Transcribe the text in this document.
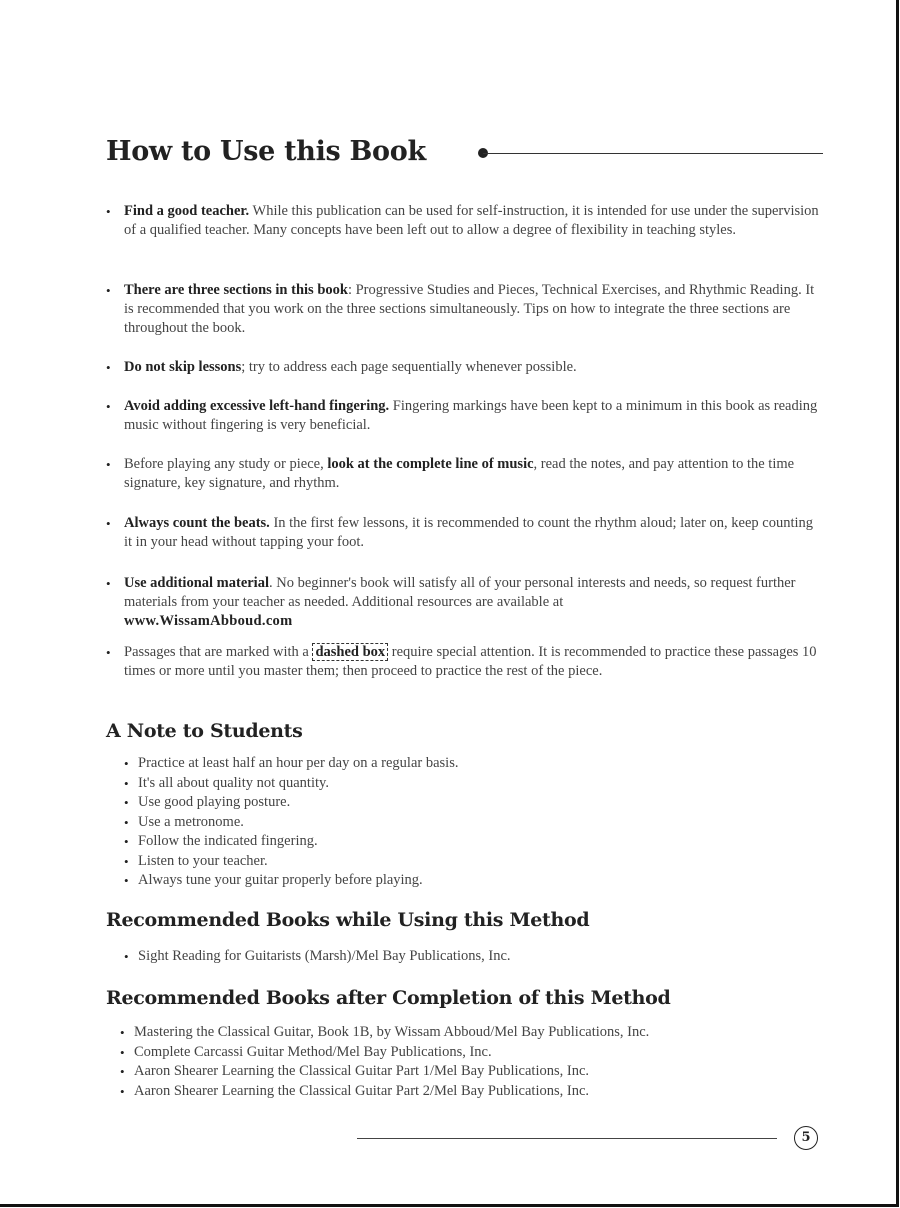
How to Use this Book
• Find a good teacher. While this publication can be used for self-instruction, it is intended for use under the supervision of a qualified teacher. Many concepts have been left out to allow a degree of flexibility in teaching styles.
• There are three sections in this book: Progressive Studies and Pieces, Technical Exercises, and Rhythmic Reading. It is recommended that you work on the three sections simultaneously. Tips on how to integrate the three sections are throughout the book.
• Do not skip lessons; try to address each page sequentially whenever possible.
• Avoid adding excessive left-hand fingering. Fingering markings have been kept to a minimum in this book as reading music without fingering is very beneficial.
• Before playing any study or piece, look at the complete line of music, read the notes, and pay attention to the time signature, key signature, and rhythm.
• Always count the beats. In the first few lessons, it is recommended to count the rhythm aloud; later on, keep counting it in your head without tapping your foot.
• Use additional material. No beginner's book will satisfy all of your personal interests and needs, so request further materials from your teacher as needed. Additional resources are available at
www.WissamAbboud.com
• Passages that are marked with a dashed box require special attention. It is recommended to practice these passages 10 times or more until you master them; then proceed to practice the rest of the piece.
A Note to Students
• Practice at least half an hour per day on a regular basis.
• It's all about quality not quantity.
• Use good playing posture.
• Use a metronome.
• Follow the indicated fingering.
• Listen to your teacher.
• Always tune your guitar properly before playing.
Recommended Books while Using this Method
• Sight Reading for Guitarists (Marsh)/Mel Bay Publications, Inc.
Recommended Books after Completion of this Method
• Mastering the Classical Guitar, Book 1B, by Wissam Abboud/Mel Bay Publications, Inc.
• Complete Carcassi Guitar Method/Mel Bay Publications, Inc.
• Aaron Shearer Learning the Classical Guitar Part 1/Mel Bay Publications, Inc.
• Aaron Shearer Learning the Classical Guitar Part 2/Mel Bay Publications, Inc.
5
